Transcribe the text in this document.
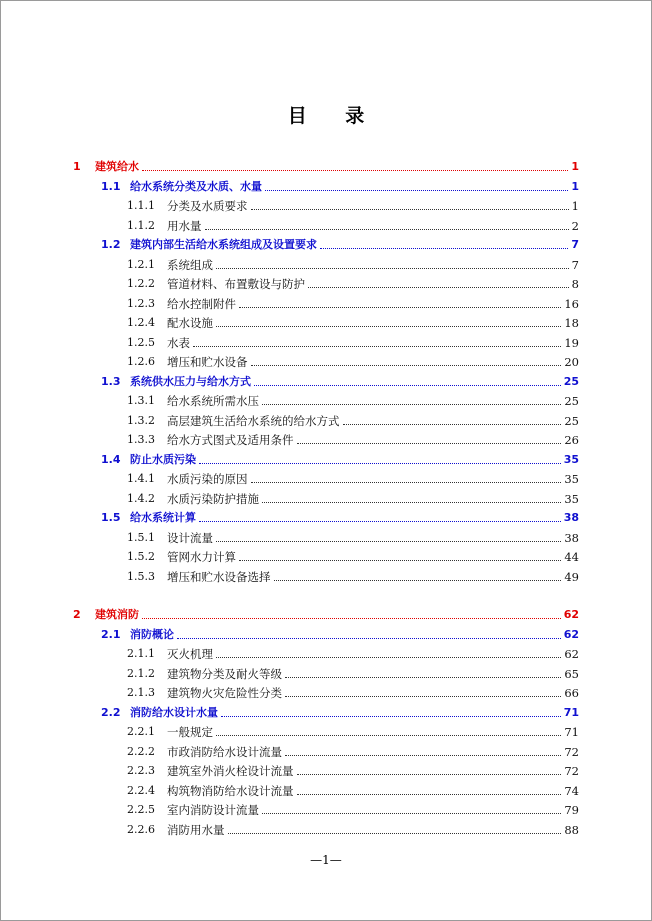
目 录
1	建筑给水	1
1.1 给水系统分类及水质、水量	1
1.1.1	分类及水质要求	1
1.1.2	用水量	2
1.2 建筑内部生活给水系统组成及设置要求	7
1.2.1	系统组成	7
1.2.2	管道材料、布置敷设与防护	8
1.2.3	给水控制附件	16
1.2.4	配水设施	18
1.2.5	水表	19
1.2.6	增压和贮水设备	20
1.3 系统供水压力与给水方式	25
1.3.1	给水系统所需水压	25
1.3.2	高层建筑生活给水系统的给水方式	25
1.3.3	给水方式图式及适用条件	26
1.4 防止水质污染	35
1.4.1	水质污染的原因	35
1.4.2	水质污染防护措施	35
1.5 给水系统计算	38
1.5.1	设计流量	38
1.5.2	管网水力计算	44
1.5.3	增压和贮水设备选择	49
2	建筑消防	62
2.1 消防概论	62
2.1.1	灭火机理	62
2.1.2	建筑物分类及耐火等级	65
2.1.3	建筑物火灾危险性分类	66
2.2 消防给水设计水量	71
2.2.1	一般规定	71
2.2.2	市政消防给水设计流量	72
2.2.3	建筑室外消火栓设计流量	72
2.2.4	构筑物消防给水设计流量	74
2.2.5	室内消防设计流量	79
2.2.6	消防用水量	88
—1—
